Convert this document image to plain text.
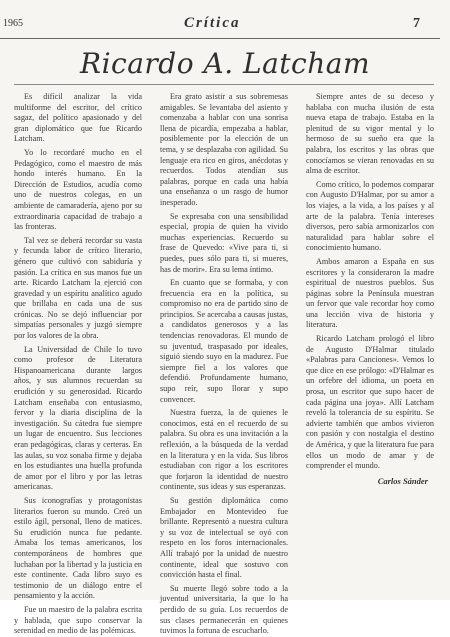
1965	Crítica	7
Ricardo A. Latcham

Es difícil analizar la vida multiforme del escritor, del crítico sagaz, del político apasionado y del gran diplomático que fue Ricardo Latcham.

Yo lo recordaré mucho en el Pedagógico, como el maestro de más hondo interés humano. En la Dirección de Estudios, acudía como uno de nuestros colegas, en un ambiente de camaradería, ajeno por su extraordinaria capacidad de trabajo a las fronteras.

Tal vez se deberá recordar su vasta y fecunda labor de crítico literario, género que cultivó con sabiduría y pasión. La crítica en sus manos fue un arte. Ricardo Latcham la ejerció con gravedad y un espíritu analítico agudo que brillaba en cada una de sus crónicas. No se dejó influenciar por simpatías personales y juzgó siempre por los valores de la obra.

La Universidad de Chile lo tuvo como profesor de Literatura Hispanoamericana durante largos años, y sus alumnos recuerdan su erudición y su generosidad. Ricardo Latcham enseñaba con entusiasmo, fervor y la diaria disciplina de la investigación. Su cátedra fue siempre un lugar de encuentro. Sus lecciones eran pedagógicas, claras y certeras. En las aulas, su voz sonaba firme y dejaba en los estudiantes una huella profunda de amor por el libro y por las letras americanas.

Sus iconografías y protagonistas literarios fueron su mundo. Creó un estilo ágil, personal, lleno de matices. Su erudición nunca fue pedante. Amaba los temas americanos, los contemporáneos de hombres que luchaban por la libertad y la justicia en este continente. Cada libro suyo es testimonio de un diálogo entre el pensamiento y la acción.

Fue un maestro de la palabra escrita y hablada, que supo conservar la serenidad en medio de las polémicas.

Era grato asistir a sus sobremesas amigables. Se levantaba del asiento y comenzaba a hablar con una sonrisa llena de picardía, empezaba a hablar, posiblemente por la elección de un tema, y se desplazaba con agilidad. Su lenguaje era rico en giros, anécdotas y recuerdos. Todos atendían sus palabras, porque en cada una había una enseñanza o un rasgo de humor inesperado.

Se expresaba con una sensibilidad especial, propia de quien ha vivido muchas experiencias. Recuerdo su frase de Quevedo: «Vive para ti, si puedes, pues sólo para ti, si mueres, has de morir». Era su lema íntimo.

En cuanto que se formaba, y con frecuencia era en la política, su compromiso no era de partido sino de principios. Se acercaba a causas justas, a candidatos generosos y a las tendencias renovadoras. El mundo de su juventud, traspasado por ideales, siguió siendo suyo en la madurez. Fue siempre fiel a los valores que defendió. Profundamente humano, supo reír, supo llorar y supo convencer.

Nuestra fuerza, la de quienes le conocimos, está en el recuerdo de su palabra. Su obra es una invitación a la reflexión, a la búsqueda de la verdad en la literatura y en la vida. Sus libros estudiaban con rigor a los escritores que forjaron la identidad de nuestro continente, sus ideas y sus esperanzas.

Su gestión diplomática como Embajador en Montevideo fue brillante. Representó a nuestra cultura y su voz de intelectual se oyó con respeto en los foros internacionales. Allí trabajó por la unidad de nuestro continente, ideal que sostuvo con convicción hasta el final.

Su muerte llegó sobre todo a la juventud universitaria, la que lo ha perdido de su guía. Los recuerdos de sus clases permanecerán en quienes tuvimos la fortuna de escucharlo.

Siempre antes de su deceso y hablaba con mucha ilusión de esta nueva etapa de trabajo. Estaba en la plenitud de su vigor mental y lo hermoso de su sueño era que la palabra, los escritos y las obras que conocíamos se vieran renovadas en su alma de escritor.

Como crítico, lo podemos comparar con Augusto D'Halmar, por su amor a los viajes, a la vida, a los países y al arte de la palabra. Tenía intereses diversos, pero sabía armonizarlos con naturalidad para hablar sobre el conocimiento humano.

Ambos amaron a España en sus escritores y la consideraron la madre espiritual de nuestros pueblos. Sus páginas sobre la Península muestran un fervor que vale recordar hoy como una lección viva de historia y literatura.

Ricardo Latcham prologó el libro de Augusto D'Halmar titulado «Palabras para Canciones». Vemos lo que dice en ese prólogo: «D'Halmar es un orfebre del idioma, un poeta en prosa, un escritor que supo hacer de cada página una joya». Allí Latcham reveló la tolerancia de su espíritu. Se advierte también que ambos vivieron con pasión y con nostalgia el destino de América, y que la literatura fue para ellos un modo de amar y de comprender el mundo.

Carlos Sánder
